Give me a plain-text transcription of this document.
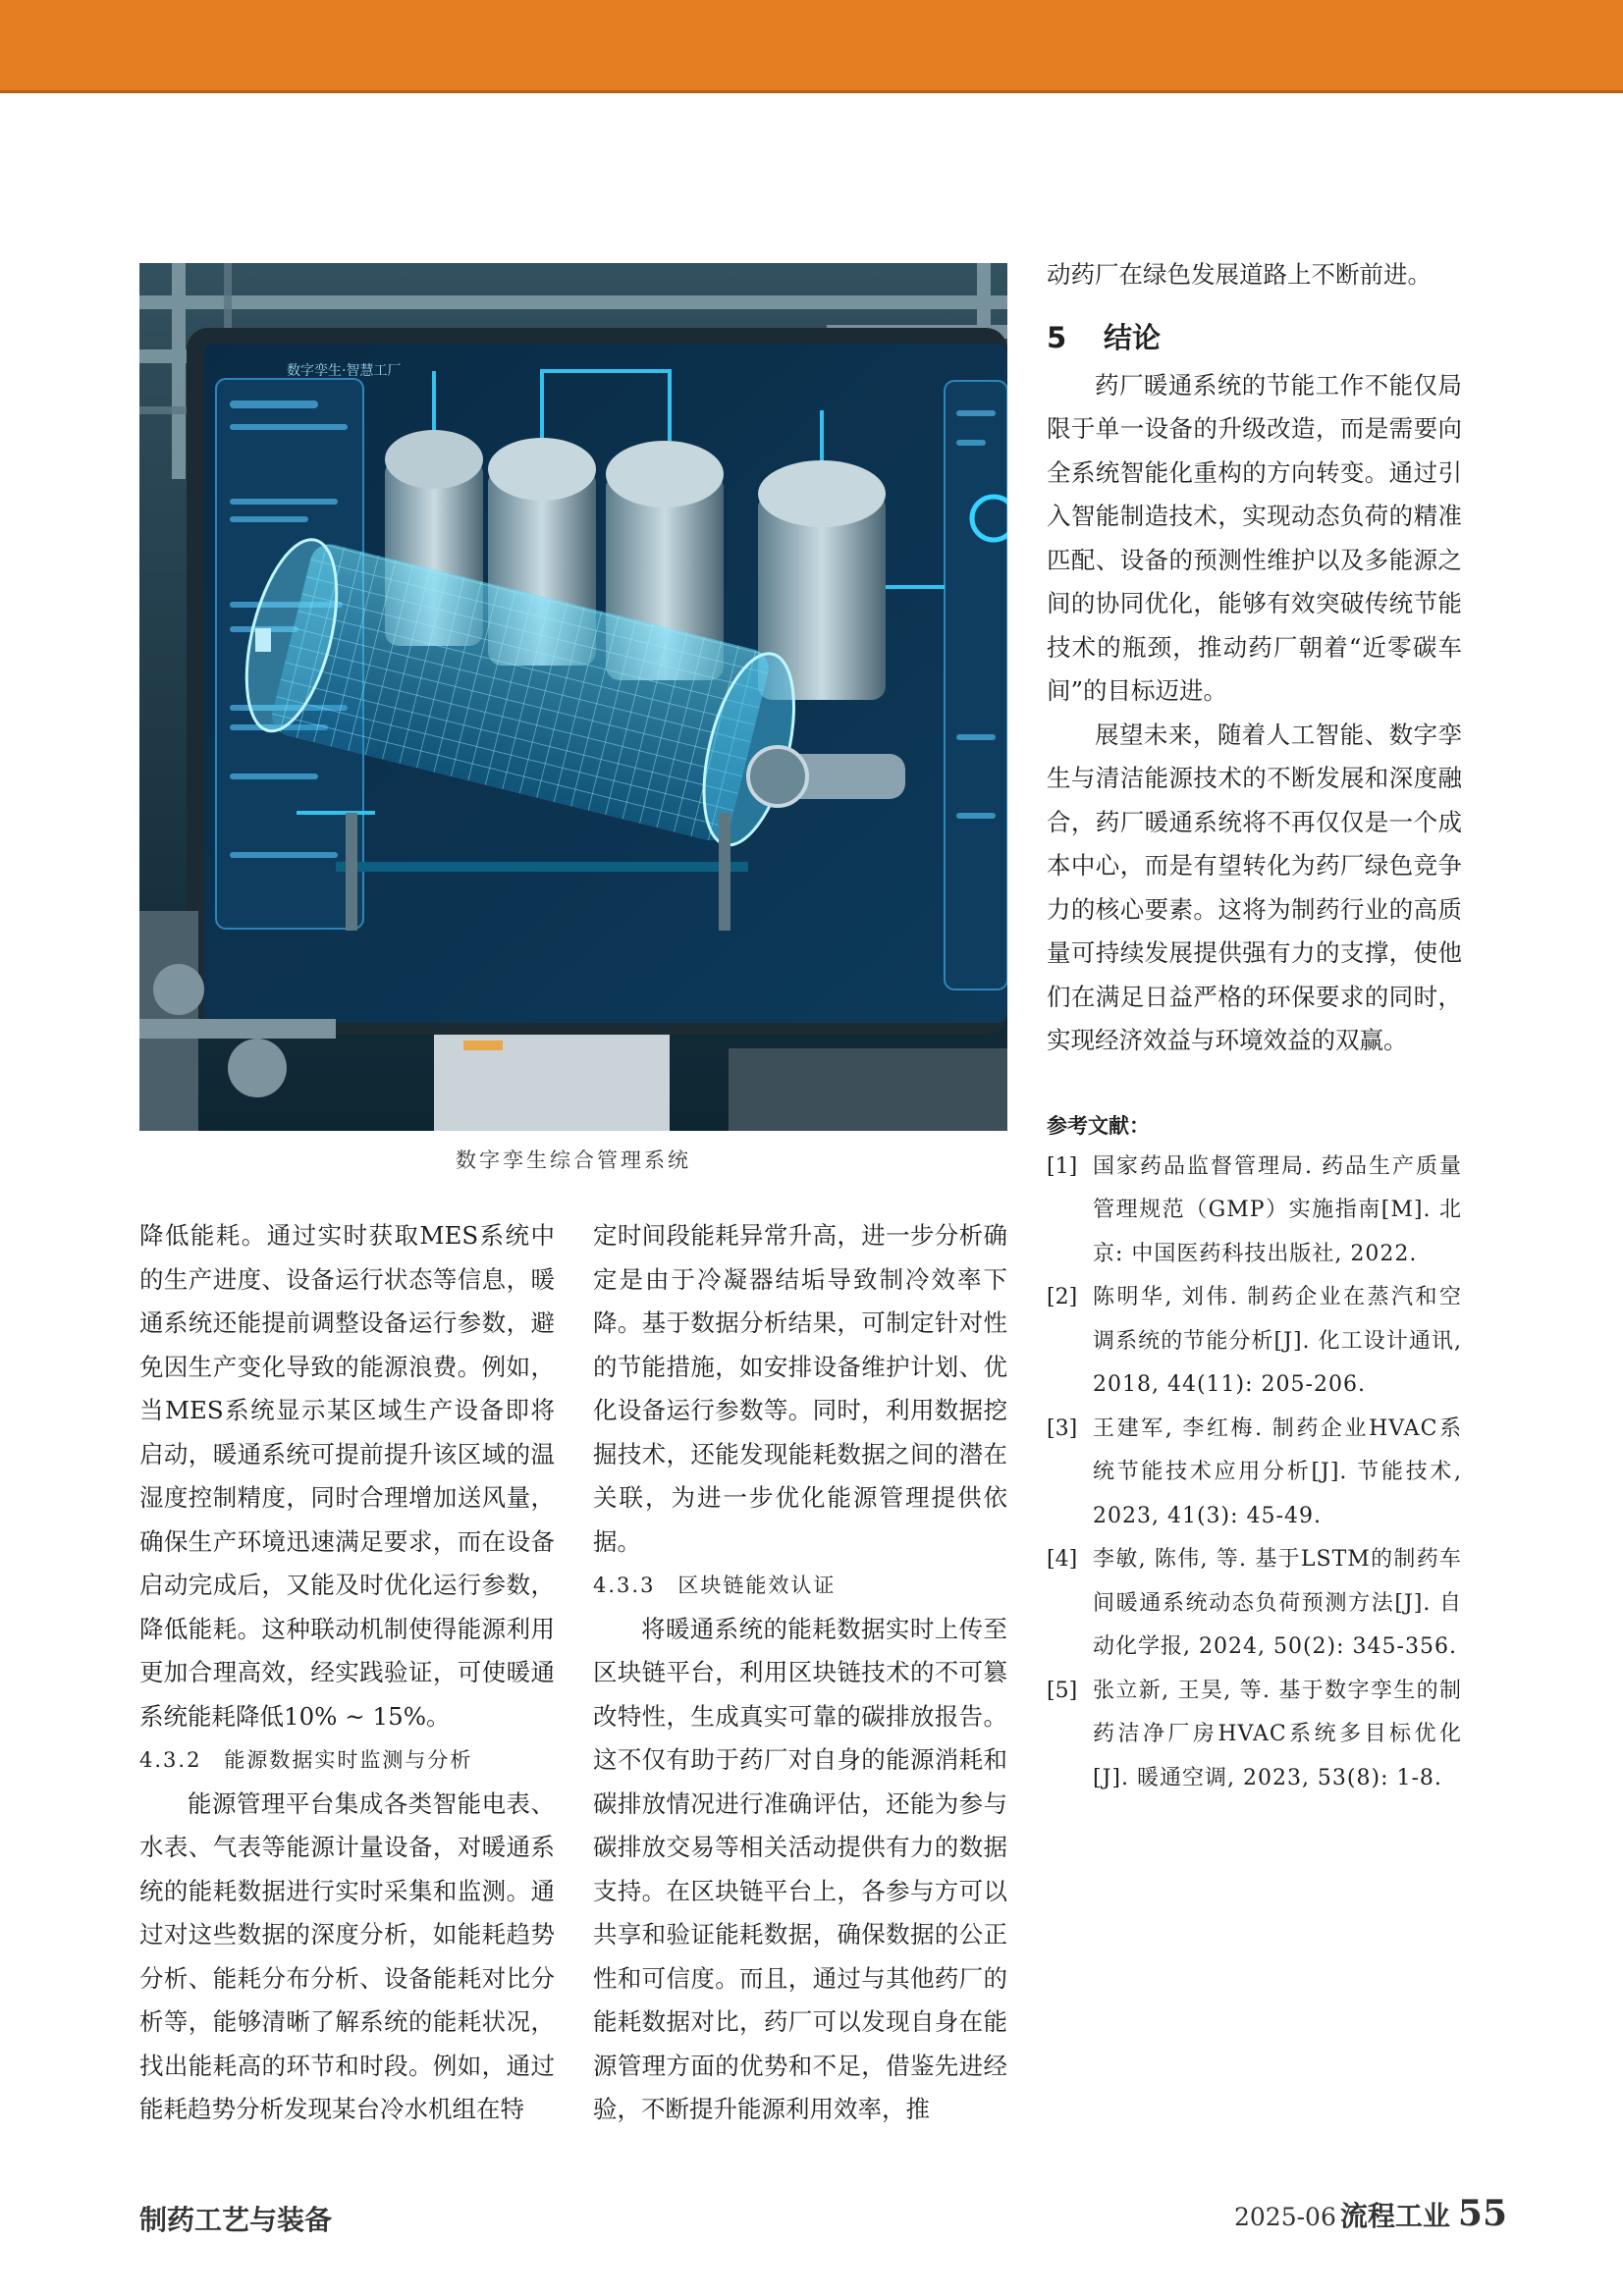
数字孪生·智慧工厂
数字孪生综合管理系统

降低能耗。通过实时获取MES系统中的生产进度、设备运行状态等信息，暖通系统还能提前调整设备运行参数，避免因生产变化导致的能源浪费。例如，当MES系统显示某区域生产设备即将启动，暖通系统可提前提升该区域的温湿度控制精度，同时合理增加送风量，确保生产环境迅速满足要求，而在设备启动完成后，又能及时优化运行参数，降低能耗。这种联动机制使得能源利用更加合理高效，经实践验证，可使暖通系统能耗降低10% ~ 15%。

4.3.2　能源数据实时监测与分析

能源管理平台集成各类智能电表、水表、气表等能源计量设备，对暖通系统的能耗数据进行实时采集和监测。通过对这些数据的深度分析，如能耗趋势分析、能耗分布分析、设备能耗对比分析等，能够清晰了解系统的能耗状况，找出能耗高的环节和时段。例如，通过能耗趋势分析发现某台冷水机组在特

定时间段能耗异常升高，进一步分析确定是由于冷凝器结垢导致制冷效率下降。基于数据分析结果，可制定针对性的节能措施，如安排设备维护计划、优化设备运行参数等。同时，利用数据挖掘技术，还能发现能耗数据之间的潜在关联，为进一步优化能源管理提供依据。

4.3.3　区块链能效认证

将暖通系统的能耗数据实时上传至区块链平台，利用区块链技术的不可篡改特性，生成真实可靠的碳排放报告。这不仅有助于药厂对自身的能源消耗和碳排放情况进行准确评估，还能为参与碳排放交易等相关活动提供有力的数据支持。在区块链平台上，各参与方可以共享和验证能耗数据，确保数据的公正性和可信度。而且，通过与其他药厂的能耗数据对比，药厂可以发现自身在能源管理方面的优势和不足，借鉴先进经验，不断提升能源利用效率，推

动药厂在绿色发展道路上不断前进。

5 结论

药厂暖通系统的节能工作不能仅局限于单一设备的升级改造，而是需要向全系统智能化重构的方向转变。通过引入智能制造技术，实现动态负荷的精准匹配、设备的预测性维护以及多能源之间的协同优化，能够有效突破传统节能技术的瓶颈，推动药厂朝着“近零碳车间”的目标迈进。

展望未来，随着人工智能、数字孪生与清洁能源技术的不断发展和深度融合，药厂暖通系统将不再仅仅是一个成本中心，而是有望转化为药厂绿色竞争力的核心要素。这将为制药行业的高质量可持续发展提供强有力的支撑，使他们在满足日益严格的环保要求的同时，实现经济效益与环境效益的双赢。

参考文献：
[1] 国家药品监督管理局. 药品生产质量管理规范（GMP）实施指南[M]. 北京: 中国医药科技出版社, 2022.
[2] 陈明华, 刘伟. 制药企业在蒸汽和空调系统的节能分析[J]. 化工设计通讯, 2018, 44(11): 205-206.
[3] 王建军, 李红梅. 制药企业HVAC系统节能技术应用分析[J]. 节能技术, 2023, 41(3): 45-49.
[4] 李敏, 陈伟, 等. 基于LSTM的制药车间暖通系统动态负荷预测方法[J]. 自动化学报, 2024, 50(2): 345-356.
[5] 张立新, 王昊, 等. 基于数字孪生的制药洁净厂房HVAC系统多目标优化[J]. 暖通空调, 2023, 53(8): 1-8.
制药工艺与装备	2025-06 流程工业 55
